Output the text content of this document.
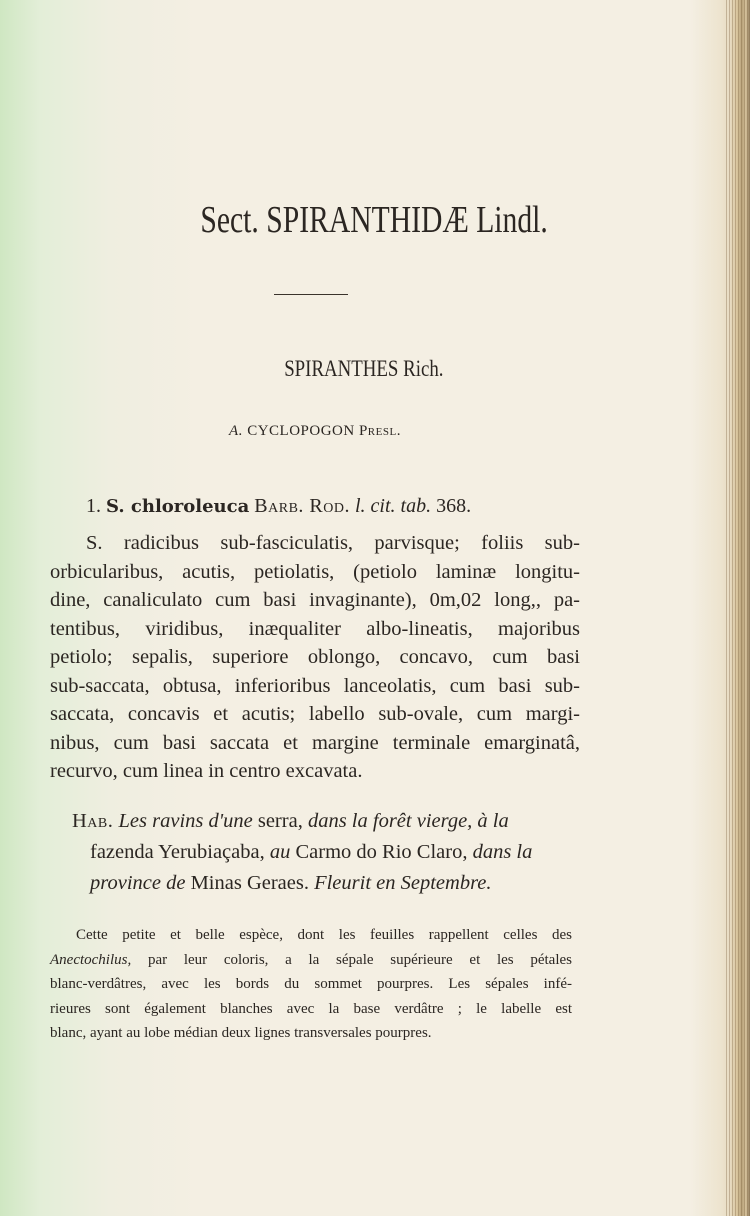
Sect. SPIRANTHIDÆ Lindl.
SPIRANTHES Rich.
A. CYCLOPOGON Presl.
1. S. chloroleuca Barb. Rod. l. cit. tab. 368.
S. radicibus sub-fasciculatis, parvisque; foliis sub-
orbicularibus, acutis, petiolatis, (petiolo laminæ longitu-
dine, canaliculato cum basi invaginante), 0m,02 long,, pa-
tentibus, viridibus, inæqualiter albo-lineatis, majoribus
petiolo; sepalis, superiore oblongo, concavo, cum basi
sub-saccata, obtusa, inferioribus lanceolatis, cum basi sub-
saccata, concavis et acutis; labello sub-ovale, cum margi-
nibus, cum basi saccata et margine terminale emarginatâ,
recurvo, cum linea in centro excavata.
Hab. Les ravins d'une serra, dans la forêt vierge, à la
fazenda Yerubiaçaba, au Carmo do Rio Claro, dans la
province de Minas Geraes. Fleurit en Septembre.
Cette petite et belle espèce, dont les feuilles rappellent celles des
Anectochilus, par leur coloris, a la sépale supérieure et les pétales
blanc-verdâtres, avec les bords du sommet pourpres. Les sépales infé-
rieures sont également blanches avec la base verdâtre ; le labelle est
blanc, ayant au lobe médian deux lignes transversales pourpres.
